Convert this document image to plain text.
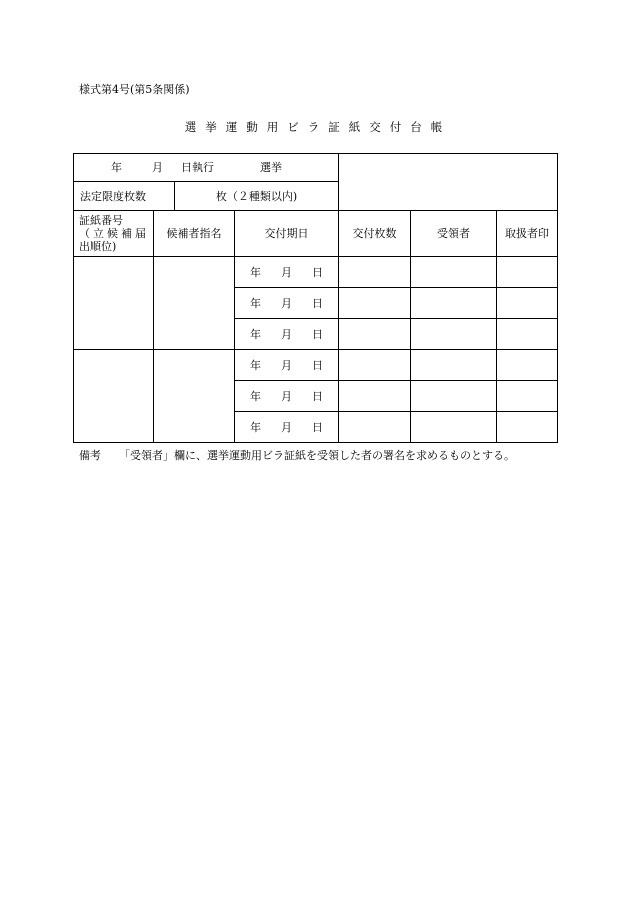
様式第4号(第5条関係)
選挙運動用ビラ証紙交付台帳
年 月 日執行 選挙						

法定限度枚数		枚（２種類以内)				

証紙番号
（立候補届
出順位)	候補者指名		交付期日	交付枚数	受領者	取扱者印

			年 月 日			

			年 月 日			

			年 月 日			

			年 月 日			

			年 月 日			

			年 月 日			

備考 「受領者」欄に、選挙運動用ビラ証紙を受領した者の署名を求めるものとする。
